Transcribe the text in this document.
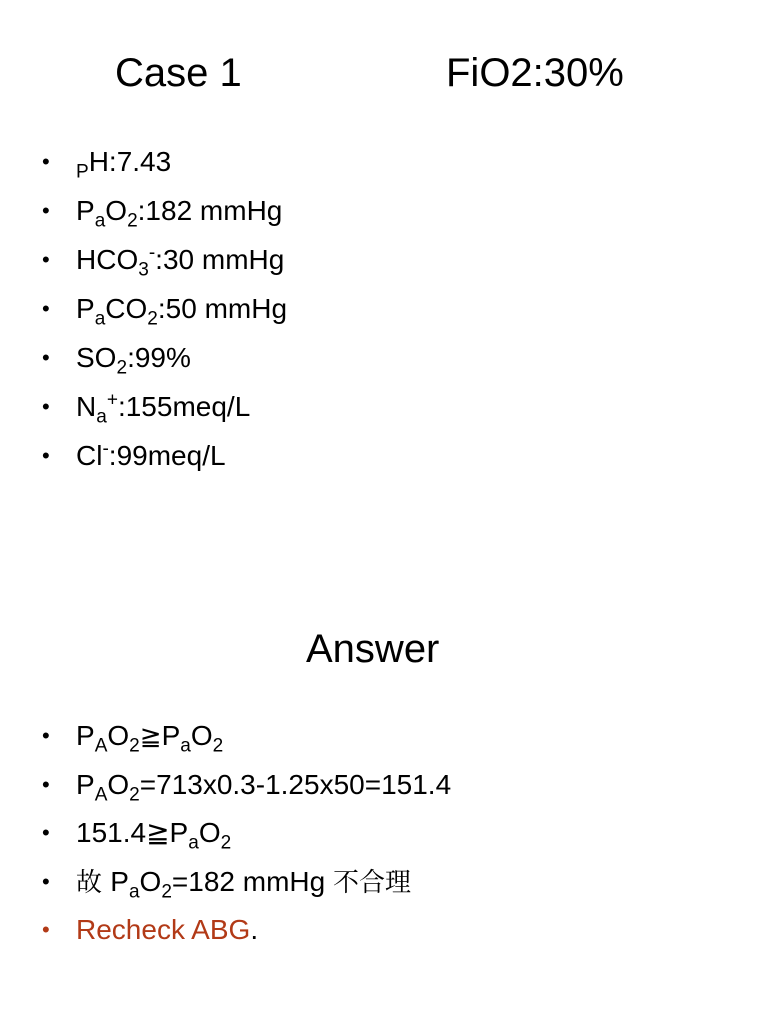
Case 1	FiO2:30%
•	$_P$H:7.43
• $P_aO_2:182$ mmHg
• $HCO_3^-:30$ mmHg
• $P_aCO_2:50$ mmHg
• $SO_2:99\%$
• $N_a^+:155meq/L$
• Cl-:99meq/L
Answer
• $P_AO_2≧P_aO_2$
• $P_AO_2=713x0.3-1.25x50=151.4$
• $151.4≧P_aO_2$
•	故 $P_aO_2=182$ mmHg 不合理
• Recheck ABG.
